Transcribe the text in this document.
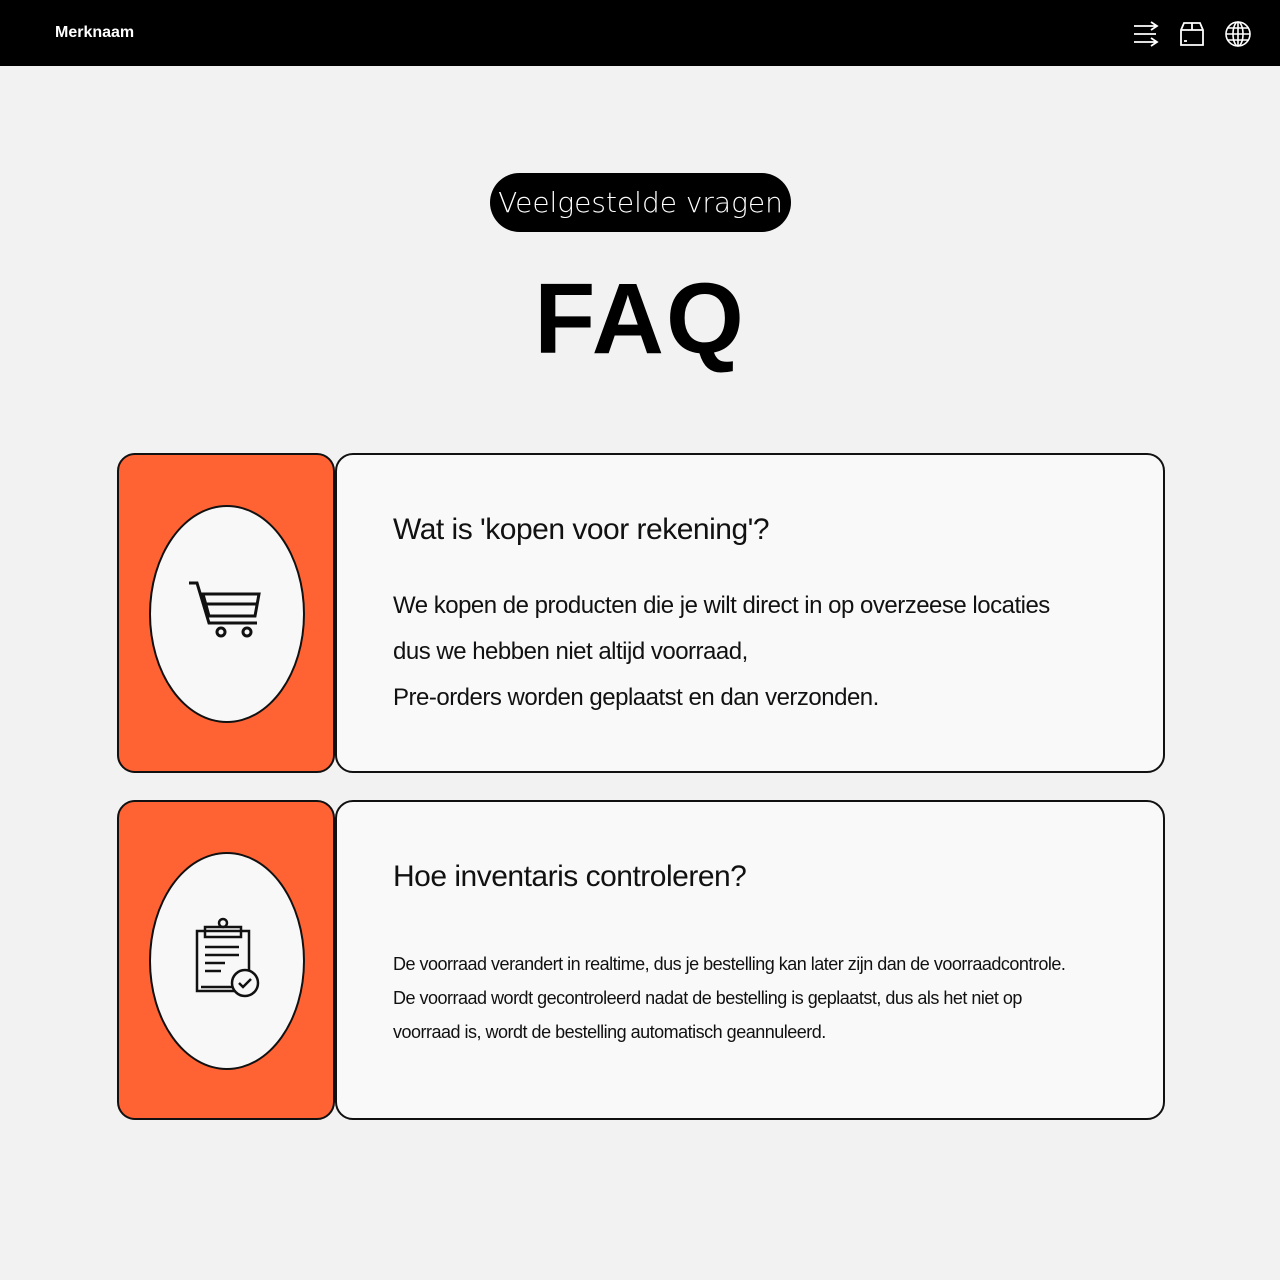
Merknaam
Veelgestelde vragen
FAQ
Wat is 'kopen voor rekening'?
We kopen de producten die je wilt direct in op overzeese locaties
dus we hebben niet altijd voorraad,
Pre-orders worden geplaatst en dan verzonden.
Hoe inventaris controleren?
De voorraad verandert in realtime, dus je bestelling kan later zijn dan de voorraadcontrole.
De voorraad wordt gecontroleerd nadat de bestelling is geplaatst, dus als het niet op
voorraad is, wordt de bestelling automatisch geannuleerd.
